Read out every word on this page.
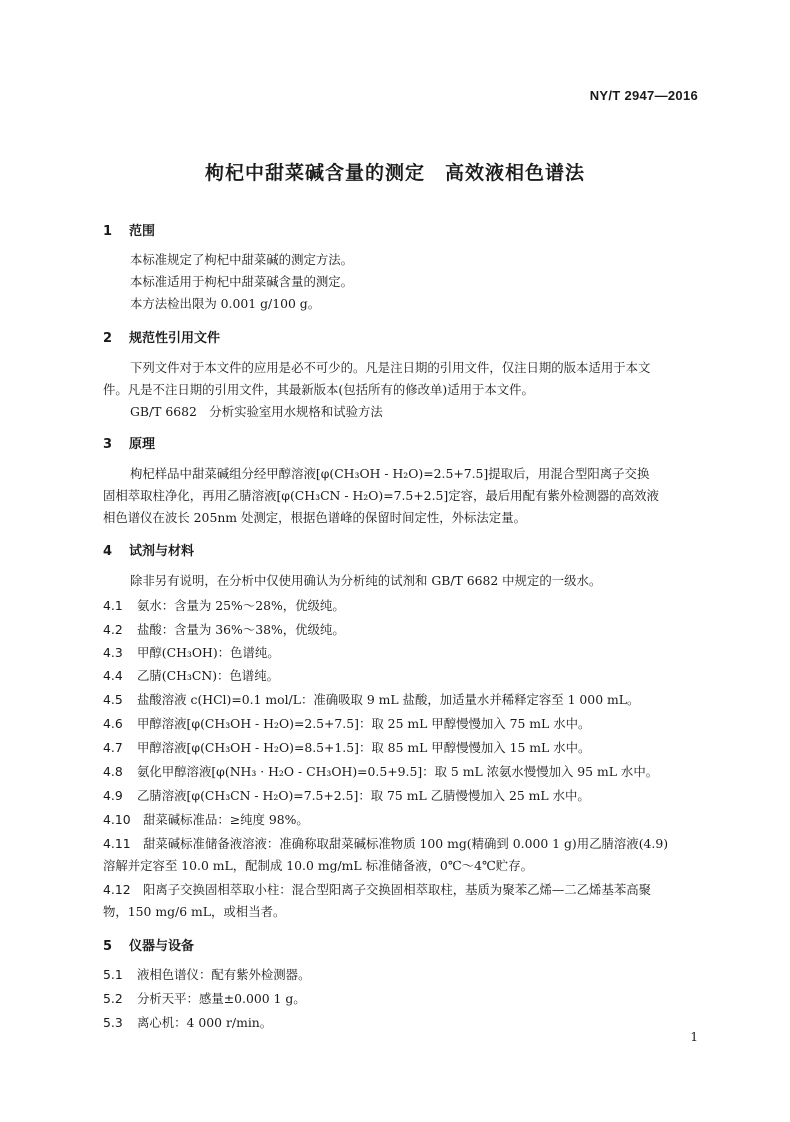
NY/T 2947—2016
枸杞中甜菜碱含量的测定　高效液相色谱法
1 范围
本标准规定了枸杞中甜菜碱的测定方法。
本标准适用于枸杞中甜菜碱含量的测定。
本方法检出限为 0.001 g/100 g。
2 规范性引用文件
下列文件对于本文件的应用是必不可少的。凡是注日期的引用文件，仅注日期的版本适用于本文
件。凡是不注日期的引用文件，其最新版本(包括所有的修改单)适用于本文件。
GB/T 6682　分析实验室用水规格和试验方法
3 原理
枸杞样品中甜菜碱组分经甲醇溶液[φ(CH₃OH - H₂O)=2.5+7.5]提取后，用混合型阳离子交换
固相萃取柱净化，再用乙腈溶液[φ(CH₃CN - H₂O)=7.5+2.5]定容，最后用配有紫外检测器的高效液
相色谱仪在波长 205nm 处测定，根据色谱峰的保留时间定性，外标法定量。
4 试剂与材料
除非另有说明，在分析中仅使用确认为分析纯的试剂和 GB/T 6682 中规定的一级水。
4.1 氨水：含量为 25%～28%，优级纯。
4.2 盐酸：含量为 36%～38%，优级纯。
4.3 甲醇(CH₃OH)：色谱纯。
4.4 乙腈(CH₃CN)：色谱纯。
4.5 盐酸溶液 c(HCl)=0.1 mol/L：准确吸取 9 mL 盐酸，加适量水并稀释定容至 1 000 mL。
4.6 甲醇溶液[φ(CH₃OH - H₂O)=2.5+7.5]：取 25 mL 甲醇慢慢加入 75 mL 水中。
4.7 甲醇溶液[φ(CH₃OH - H₂O)=8.5+1.5]：取 85 mL 甲醇慢慢加入 15 mL 水中。
4.8 氨化甲醇溶液[φ(NH₃ · H₂O - CH₃OH)=0.5+9.5]：取 5 mL 浓氨水慢慢加入 95 mL 水中。
4.9 乙腈溶液[φ(CH₃CN - H₂O)=7.5+2.5]：取 75 mL 乙腈慢慢加入 25 mL 水中。
4.10 甜菜碱标准品：≥纯度 98%。
4.11 甜菜碱标准储备液溶液：准确称取甜菜碱标准物质 100 mg(精确到 0.000 1 g)用乙腈溶液(4.9)
溶解并定容至 10.0 mL，配制成 10.0 mg/mL 标准储备液，0℃～4℃贮存。
4.12 阳离子交换固相萃取小柱：混合型阳离子交换固相萃取柱，基质为聚苯乙烯—二乙烯基苯高聚
物，150 mg/6 mL，或相当者。
5 仪器与设备
5.1 液相色谱仪：配有紫外检测器。
5.2 分析天平：感量±0.000 1 g。
5.3 离心机：4 000 r/min。
1
